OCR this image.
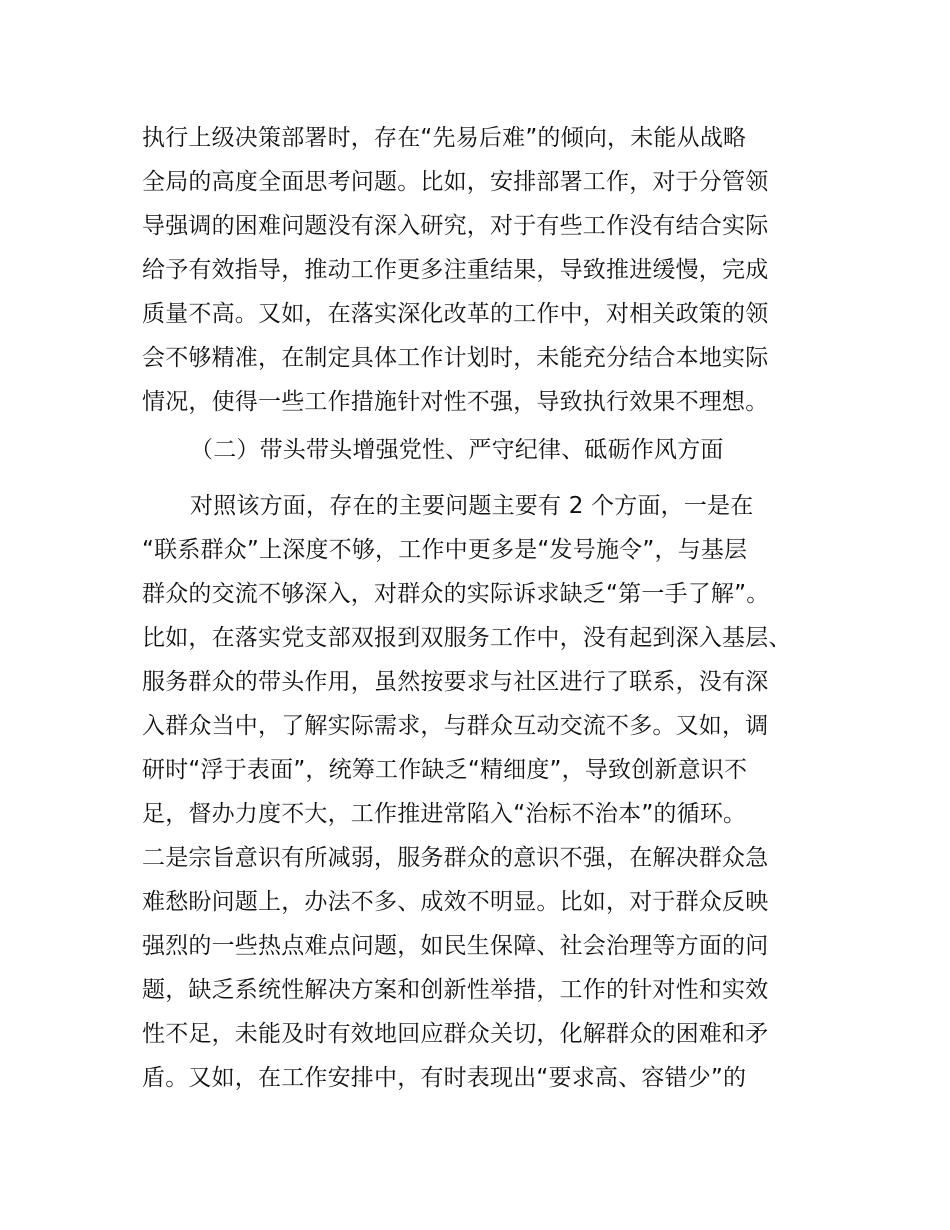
执行上级决策部署时，存在“先易后难”的倾向，未能从战略
全局的高度全面思考问题。比如，安排部署工作，对于分管领
导强调的困难问题没有深入研究，对于有些工作没有结合实际
给予有效指导，推动工作更多注重结果，导致推进缓慢，完成
质量不高。又如，在落实深化改革的工作中，对相关政策的领
会不够精准，在制定具体工作计划时，未能充分结合本地实际
情况，使得一些工作措施针对性不强，导致执行效果不理想。
（二）带头带头增强党性、严守纪律、砥砺作风方面
对照该方面，存在的主要问题主要有 2 个方面，一是在
“联系群众”上深度不够，工作中更多是“发号施令”，与基层
群众的交流不够深入，对群众的实际诉求缺乏“第一手了解”。
比如，在落实党支部双报到双服务工作中，没有起到深入基层、
服务群众的带头作用，虽然按要求与社区进行了联系，没有深
入群众当中，了解实际需求，与群众互动交流不多。又如，调
研时“浮于表面”，统筹工作缺乏“精细度”，导致创新意识不
足，督办力度不大，工作推进常陷入“治标不治本”的循环。
二是宗旨意识有所减弱，服务群众的意识不强，在解决群众急
难愁盼问题上，办法不多、成效不明显。比如，对于群众反映
强烈的一些热点难点问题，如民生保障、社会治理等方面的问
题，缺乏系统性解决方案和创新性举措，工作的针对性和实效
性不足，未能及时有效地回应群众关切，化解群众的困难和矛
盾。又如，在工作安排中，有时表现出“要求高、容错少”的
